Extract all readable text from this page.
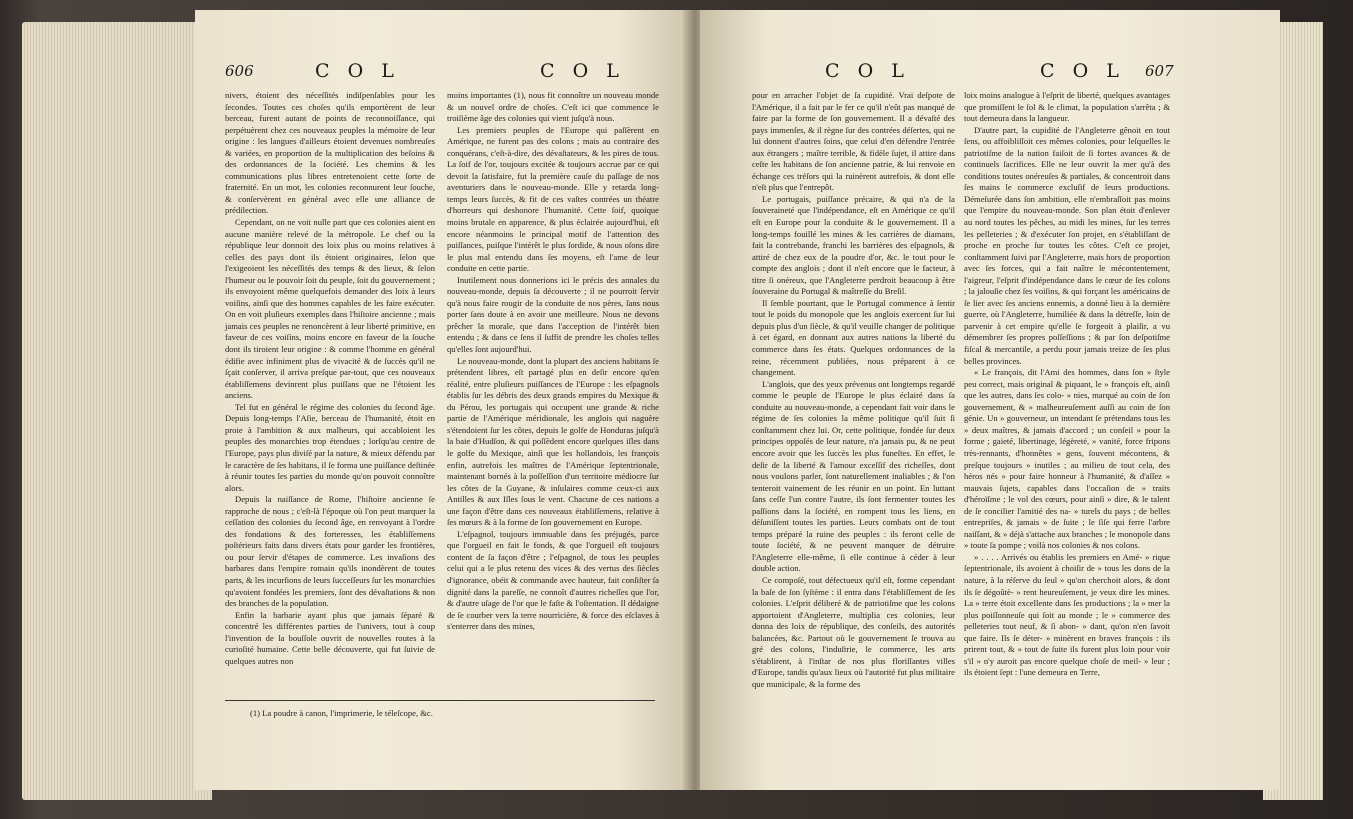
606	C O L	C O L

nivers, étoient des néceſſités indiſpenſables pour les ſecondes. Toutes ces choſes qu'ils emportèrent de leur berceau, furent autant de points de reconnoiſſance, qui perpétuèrent chez ces nouveaux peuples la mémoire de leur origine : les langues d'ailleurs étoient devenues nombreuſes & variées, en proportion de la multiplication des beſoins & des ordonnances de la ſociété. Les chemins & les communications plus libres entretenoient cette ſorte de fraternité. En un mot, les colonies reconnurent leur ſouche, & conſervèrent en général avec elle une alliance de prédilection.

Cependant, on ne voit nulle part que ces colonies aient en aucune manière relevé de la métropole. Le chef ou la république leur donnoit des loix plus ou moins relatives à celles des pays dont ils étoient originaires, ſelon que l'exigeoient les néceſſités des temps & des lieux, & ſelon l'humeur ou le pouvoir ſoit du peuple, ſoit du gouvernement ; ils envoyoient même quelquefois demander des loix à leurs voiſins, ainſi que des hommes capables de les faire exécuter. On en voit pluſieurs exemples dans l'hiſtoire ancienne ; mais jamais ces peuples ne renoncèrent à leur liberté primitive, en faveur de ces voiſins, moins encore en faveur de la ſouche dont ils tiroient leur origine : & comme l'homme en général édifie avec infiniment plus de vivacité & de ſuccès qu'il ne ſçait conſerver, il arriva preſque par-tout, que ces nouveaux établiſſemens devinrent plus puiſſans que ne l'étoient les anciens.

Tel fut en général le régime des colonies du ſecond âge. Depuis long-temps l'Aſie, berceau de l'humanité, étoit en proie à l'ambition & aux malheurs, qui accabloient les peuples des monarchies trop étendues ; lorſqu'au centre de l'Europe, pays plus diviſé par la nature, & mieux défendu par le caractère de ſes habitans, il ſe forma une puiſſance deſtinée à réunir toutes les parties du monde qu'on pouvoit connoître alors.

Depuis la naiſſance de Rome, l'hiſtoire ancienne ſe rapproche de nous ; c'eſt-là l'époque où l'on peut marquer la ceſſation des colonies du ſecond âge, en renvoyant à l'ordre des fondations & des forteresses, les établiſſemens poſtérieurs faits dans divers états pour garder les frontières, ou pour ſervir d'étapes de commerce. Les invaſions des barbares dans l'empire romain qu'ils inondèrent de toutes parts, & les incurſions de leurs ſucceſſeurs ſur les monarchies qu'avoient fondées les premiers, ſont des dévaſtations & non des branches de la population.

Enfin la barbarie ayant plus que jamais ſéparé & concentré les différentes parties de l'univers, tout à coup l'invention de la bouſſole ouvrit de nouvelles routes à la curioſité humaine. Cette belle découverte, qui fut ſuivie de quelques autres non

moins importantes (1), nous fit connoître un nouveau monde & un nouvel ordre de choſes. C'eſt ici que commence le troiſième âge des colonies qui vient juſqu'à nous.

Les premiers peuples de l'Europe qui paſſèrent en Amérique, ne furent pas des colons ; mais au contraire des conquérans, c'eſt-à-dire, des dévaſtateurs, & les pires de tous. La ſoif de l'or, toujours excitée & toujours accrue par ce qui devoit la ſatisfaire, fut la première cauſe du paſſage de nos aventuriers dans le nouveau-monde. Elle y retarda long-temps leurs ſuccès, & fit de ces vaſtes contrées un théatre d'horreurs qui deshonore l'humanité. Cette ſoif, quoique moins brutale en apparence, & plus éclairée aujourd'hui, eſt encore néanmoins le principal motif de l'attention des puiſſances, puiſque l'intérêt le plus ſordide, & nous oſons dire le plus mal entendu dans ſes moyens, eſt l'ame de leur conduite en cette partie.

Inutilement nous donnerions ici le précis des annales du nouveau-monde, depuis ſa découverte ; il ne pourroit ſervir qu'à nous faire rougir de la conduite de nos pères, ſans nous porter ſans doute à en avoir une meilleure. Nous ne devons prêcher la morale, que dans l'acception de l'intérêt bien entendu ; & dans ce ſens il ſuffit de prendre les choſes telles qu'elles ſont aujourd'hui.

Le nouveau-monde, dont la plupart des anciens habitans ſe prétendent libres, eſt partagé plus en deſir encore qu'en réalité, entre pluſieurs puiſſances de l'Europe : les eſpagnols établis ſur les débris des deux grands empires du Mexique & du Pérou, les portugais qui occupent une grande & riche partie de l'Amérique méridionale, les anglois qui naguère s'étendoient ſur les côtes, depuis le golfe de Honduras juſqu'à la baie d'Hudſon, & qui poſſèdent encore quelques iſles dans le golfe du Mexique, ainſi que les hollandois, les françois enfin, autrefois les maîtres de l'Amérique ſeptentrionale, maintenant bornés à la poſſeſſion d'un territoire médiocre ſur les côtes de la Guyane, & inſulaires comme ceux-ci aux Antilles & aux Iſles ſous le vent. Chacune de ces nations a une façon d'être dans ces nouveaux établiſſemens, relative à ſes mœurs & à la forme de ſon gouvernement en Europe.

L'eſpagnol, toujours immuable dans ſes préjugés, parce que l'orgueil en fait le fonds, & que l'orgueil eſt toujours content de ſa façon d'être ; l'eſpagnol, de tous les peuples celui qui a le plus retenu des vices & des vertus des ſiècles d'ignorance, obéit & commande avec hauteur, fait conſiſter ſa dignité dans la pareſſe, ne connoît d'autres richeſſes que l'or, & d'autre uſage de l'or que le faſte & l'oſtentation. Il dédaigne de ſe courber vers la terre nourricière, & force des eſclaves à s'enterrer dans des mines,

(1) La poudre à canon, l'imprimerie, le téleſcope, &c.
C O L	C O L 607

pour en arracher l'objet de ſa cupidité. Vrai deſpote de l'Amérique, il a fait par le fer ce qu'il n'eût pas manqué de faire par la forme de ſon gouvernement. Il a dévaſté des pays immenſes, & il règne ſur des contrées déſertes, qui ne lui donnent d'autres ſoins, que celui d'en défendre l'entrée aux étrangers ; maître terrible, & fidèle ſujet, il attire dans ceſte les habitans de ſon ancienne patrie, & lui renvoie en échange ces tréſors qui la ruinèrent autrefois, & dont elle n'eſt plus que l'entrepôt.

Le portugais, puiſſance précaire, & qui n'a de la ſouveraineté que l'indépendance, eſt en Amérique ce qu'il eſt en Europe pour la conduite & le gouvernement. Il a long-temps fouillé les mines & les carrières de diamans, fait la contrebande, franchi les barrières des eſpagnols, & attiré de chez eux de la poudre d'or, &c. le tout pour le compte des anglois ; dont il n'eſt encore que le facteur, à titre ſi onéreux, que l'Angleterre perdroit beaucoup à être ſouveraine du Portugal & maîtreſſe du Breſil.

Il ſemble pourtant, que le Portugal commence à ſentir tout le poids du monopole que les anglois exercent ſur lui depuis plus d'un ſiècle, & qu'il veuille changer de politique à cet égard, en donnant aux autres nations la liberté du commerce dans ſes états. Quelques ordonnances de la reine, récemment publiées, nous préparent à ce changement.

L'anglois, que des yeux prévenus ont longtemps regardé comme le peuple de l'Europe le plus éclairé dans ſa conduite au nouveau-monde, a cependant fait voir dans le régime de ſes colonies la même politique qu'il ſuit ſi conſtamment chez lui. Or, cette politique, fondée ſur deux principes oppoſés de leur nature, n'a jamais pu, & ne peut encore avoir que les ſuccès les plus funeſtes. En effet, le deſir de la liberté & l'amour exceſſif des richeſſes, dont nous voulons parler, ſont naturellement inaliables ; & l'on tenteroit vainement de les réunir en un point. En luttant ſans ceſſe l'un contre l'autre, ils ſont fermenter toutes les paſſions dans la ſociété, en rompent tous les liens, en déſuniſſent toutes les parties. Leurs combats ont de tout temps préparé la ruine des peuples : ils feront celle de toute ſociété, & ne peuvent manquer de détruire l'Angleterre elle-même, ſi elle continue à céder à leur double action.

Ce compoſé, tout défectueux qu'il eſt, forme cependant la baſe de ſon ſyſtème : il entra dans l'établiſſement de ſes colonies. L'eſprit déliberé & de patriotiſme que les colons apportoient d'Angleterre, multiplia ces colonies, leur donna des loix de république, des conſeils, des autorités balancées, &c. Partout où le gouvernement ſe trouva au gré des colons, l'induſtrie, le commerce, les arts s'établirent, à l'inſtar de nos plus floriſſantes villes d'Europe, tandis qu'aux lieux où l'autorité fut plus militaire que municipale, & la forme des

loix moins analogue à l'eſprit de liberté, quelques avantages que promiſſent le ſol & le climat, la population s'arrêta ; & tout demeura dans la langueur.

D'autre part, la cupidité de l'Angleterre gênoit en tout ſens, ou affoibliſſoit ces mêmes colonies, pour leſquelles le patriotiſme de la nation faiſoit de ſi fortes avances & de continuels ſacrifices. Elle ne leur ouvrit la mer qu'à des conditions toutes onéreuſes & partiales, & concentroit dans ſes mains le commerce excluſif de leurs productions. Démeſurée dans ſon ambition, elle n'embraſſoit pas moins que l'empire du nouveau-monde. Son plan étoit d'enlever au nord toutes les pêches, au midi les mines, ſur les terres les pelleteries ; & d'exécuter ſon projet, en s'établiſſant de proche en proche ſur toutes les côtes. C'eſt ce projet, conſtamment ſuivi par l'Angleterre, mais hors de proportion avec ſes forces, qui a fait naître le mécontentement, l'aigreur, l'eſprit d'indépendance dans le cœur de ſes colons ; la jalouſie chez ſes voiſins, & qui forçant les américains de ſe lier avec ſes anciens ennemis, a donné lieu à la dernière guerre, où l'Angleterre, humiliée & dans la détreſſe, loin de parvenir à cet empire qu'elle ſe forgeoit à plaiſir, a vu démembrer ſes propres poſſeſſions ; & par ſon deſpotiſme fiſcal & mercantile, a perdu pour jamais treize de ſes plus belles provinces.

« Le françois, dit l'Ami des hommes, dans ſon » ſtyle peu correct, mais original & piquant, le » françois eſt, ainſi que les autres, dans ſes colo- » nies, marqué au coin de ſon gouvernement, & » malheureuſement auſſi au coin de ſon génie. Un » gouverneur, un intendant ſe prétendans tous les » deux maîtres, & jamais d'accord ; un conſeil » pour la forme ; gaieté, libertinage, légèreté, » vanité, force fripons très-rennants, d'honnêtes » gens, ſouvent mécontens, & preſque toujours » inutiles ; au milieu de tout cela, des héros nés » pour faire honneur à l'humanité, & d'aſſez » mauvais ſujets, capables dans l'occaſion de » traits d'héroïſme ; le vol des cœurs, pour ainſi » dire, & le talent de ſe concilier l'amitié des na- » turels du pays ; de belles entrepriſes, & jamais » de ſuite ; le ſiſe qui ferre l'arbre naiſſant, & » déjà s'attache aux branches ; le monopole dans » toute ſa pompe ; voilà nos colonies & nos colons.

» . . . . Arrivés ou établis les premiers en Amé- » rique ſeptentrionale, ils avoient à choiſir de » tous les dons de la nature, à la réſerve du ſeul » qu'on cherchoit alors, & dont ils ſe dégoûtè- » rent heureuſement, je veux dire les mines. La » terre étoit excellente dans ſes productions ; la » mer la plus poiſſonneuſe qui ſoit au monde ; le » commerce des pelleteries tout neuf, & ſi abon- » dant, qu'on n'en ſavoit que faire. Ils ſe déter- » minèrent en braves françois : ils prirent tout, & » tout de ſuite ils furent plus loin pour voir s'il » n'y auroit pas encore quelque choſe de meil- » leur ; ils étoient ſept : l'une demeura en Terre,
